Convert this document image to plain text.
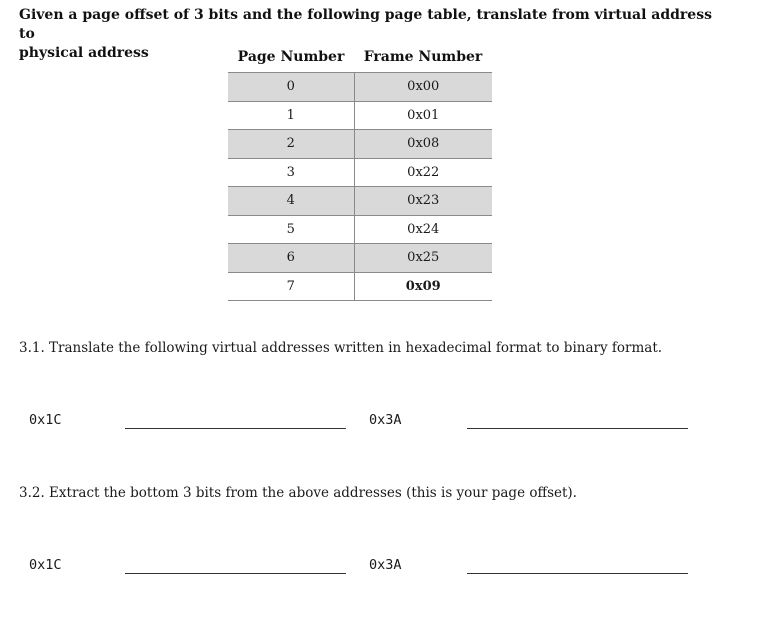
Given a page offset of 3 bits and the following page table, translate from virtual address to
physical address	Page Number	Frame Number
0	0x00
1	0x01
2	0x08
3	0x22
4	0x23
5	0x24
6	0x25
7	0x09
3.1. Translate the following virtual addresses written in hexadecimal format to binary format.
0x1C	0x3A
3.2. Extract the bottom 3 bits from the above addresses (this is your page offset).
0x1C	0x3A
